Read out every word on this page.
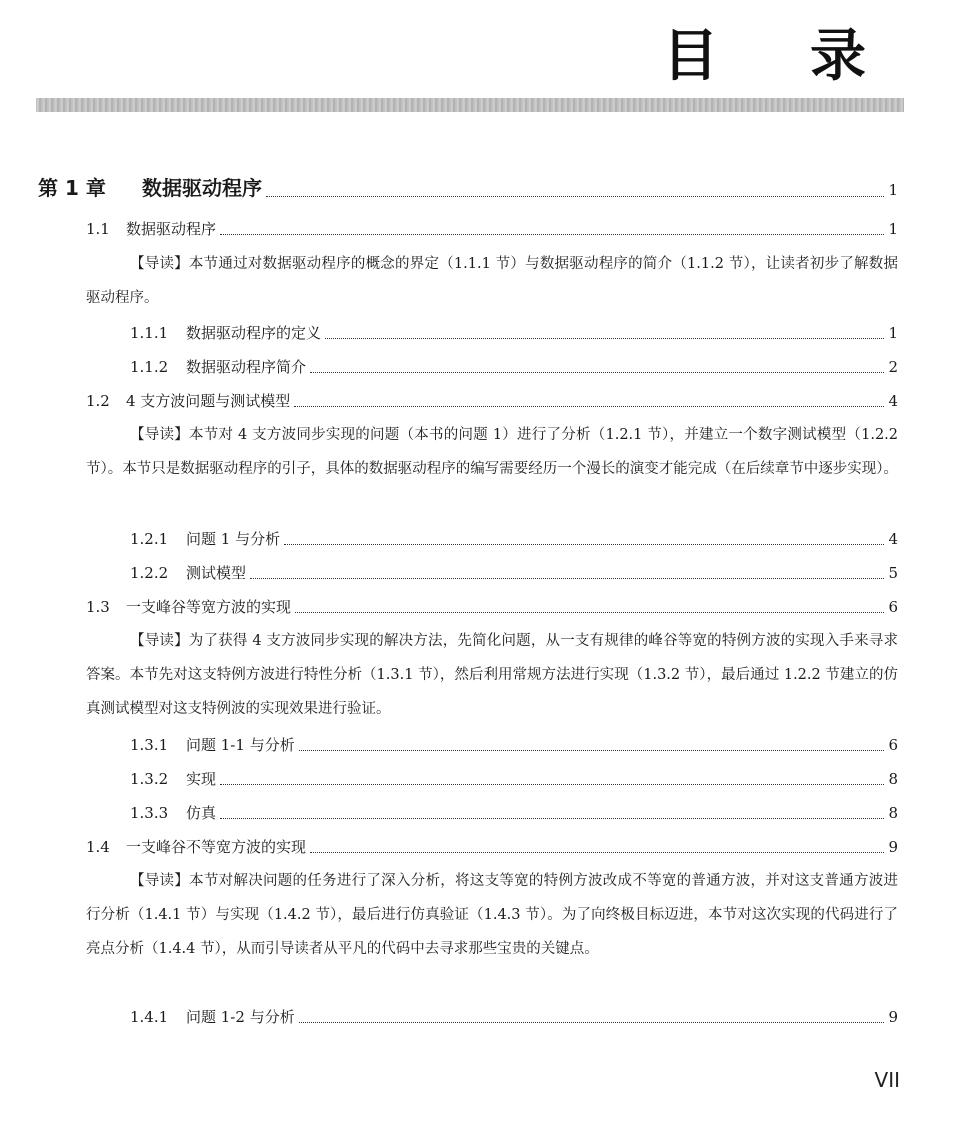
目 录
第 1 章	数据驱动程序	1
1.1	数据驱动程序	1
【导读】本节通过对数据驱动程序的概念的界定（1.1.1 节）与数据驱动程序的简介（1.1.2 节），让读者初步了解数据驱动程序。
1.1.1	数据驱动程序的定义	1
1.1.2	数据驱动程序简介	2
1.2	4 支方波问题与测试模型	4
【导读】本节对 4 支方波同步实现的问题（本书的问题 1）进行了分析（1.2.1 节），并建立一个数字测试模型（1.2.2 节）。本节只是数据驱动程序的引子，具体的数据驱动程序的编写需要经历一个漫长的演变才能完成（在后续章节中逐步实现）。
1.2.1	问题 1 与分析	4
1.2.2	测试模型	5
1.3	一支峰谷等宽方波的实现	6
【导读】为了获得 4 支方波同步实现的解决方法，先简化问题，从一支有规律的峰谷等宽的特例方波的实现入手来寻求答案。本节先对这支特例方波进行特性分析（1.3.1 节），然后利用常规方法进行实现（1.3.2 节），最后通过 1.2.2 节建立的仿真测试模型对这支特例波的实现效果进行验证。
1.3.1	问题 1-1 与分析	6
1.3.2	实现	8
1.3.3	仿真	8
1.4	一支峰谷不等宽方波的实现	9
【导读】本节对解决问题的任务进行了深入分析，将这支等宽的特例方波改成不等宽的普通方波，并对这支普通方波进行分析（1.4.1 节）与实现（1.4.2 节），最后进行仿真验证（1.4.3 节）。为了向终极目标迈进，本节对这次实现的代码进行了亮点分析（1.4.4 节），从而引导读者从平凡的代码中去寻求那些宝贵的关键点。
1.4.1	问题 1-2 与分析	9
VII
